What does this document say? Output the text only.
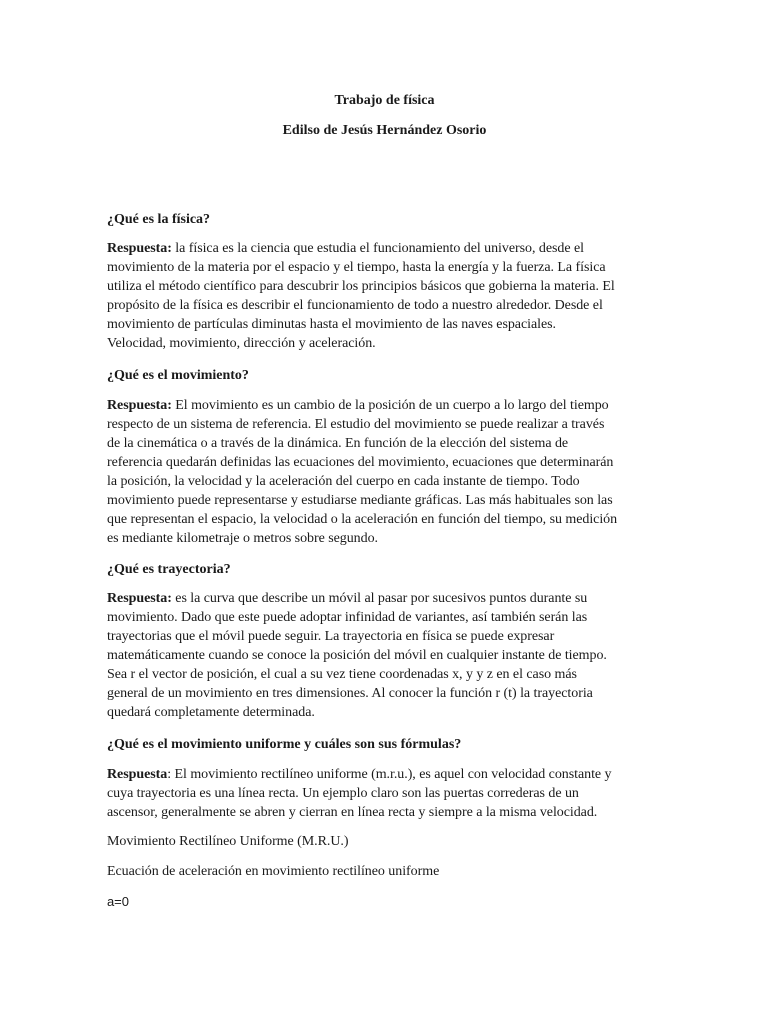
Trabajo de física

Edilso de Jesús Hernández Osorio

¿Qué es la física?

Respuesta: la física es la ciencia que estudia el funcionamiento del universo, desde el
movimiento de la materia por el espacio y el tiempo, hasta la energía y la fuerza. La física
utiliza el método científico para descubrir los principios básicos que gobierna la materia. El
propósito de la física es describir el funcionamiento de todo a nuestro alrededor. Desde el
movimiento de partículas diminutas hasta el movimiento de las naves espaciales.
Velocidad, movimiento, dirección y aceleración.

¿Qué es el movimiento?

Respuesta: El movimiento es un cambio de la posición de un cuerpo a lo largo del tiempo
respecto de un sistema de referencia. El estudio del movimiento se puede realizar a través
de la cinemática o a través de la dinámica. En función de la elección del sistema de
referencia quedarán definidas las ecuaciones del movimiento, ecuaciones que determinarán
la posición, la velocidad y la aceleración del cuerpo en cada instante de tiempo. Todo
movimiento puede representarse y estudiarse mediante gráficas. Las más habituales son las
que representan el espacio, la velocidad o la aceleración en función del tiempo, su medición
es mediante kilometraje o metros sobre segundo.

¿Qué es trayectoria?

Respuesta: es la curva que describe un móvil al pasar por sucesivos puntos durante su
movimiento. Dado que este puede adoptar infinidad de variantes, así también serán las
trayectorias que el móvil puede seguir. La trayectoria en física se puede expresar
matemáticamente cuando se conoce la posición del móvil en cualquier instante de tiempo.
Sea r el vector de posición, el cual a su vez tiene coordenadas x, y y z en el caso más
general de un movimiento en tres dimensiones. Al conocer la función r (t) la trayectoria
quedará completamente determinada.

¿Qué es el movimiento uniforme y cuáles son sus fórmulas?

Respuesta: El movimiento rectilíneo uniforme (m.r.u.), es aquel con velocidad constante y
cuya trayectoria es una línea recta. Un ejemplo claro son las puertas correderas de un
ascensor, generalmente se abren y cierran en línea recta y siempre a la misma velocidad.

Movimiento Rectilíneo Uniforme (M.R.U.)

Ecuación de aceleración en movimiento rectilíneo uniforme

a=0
